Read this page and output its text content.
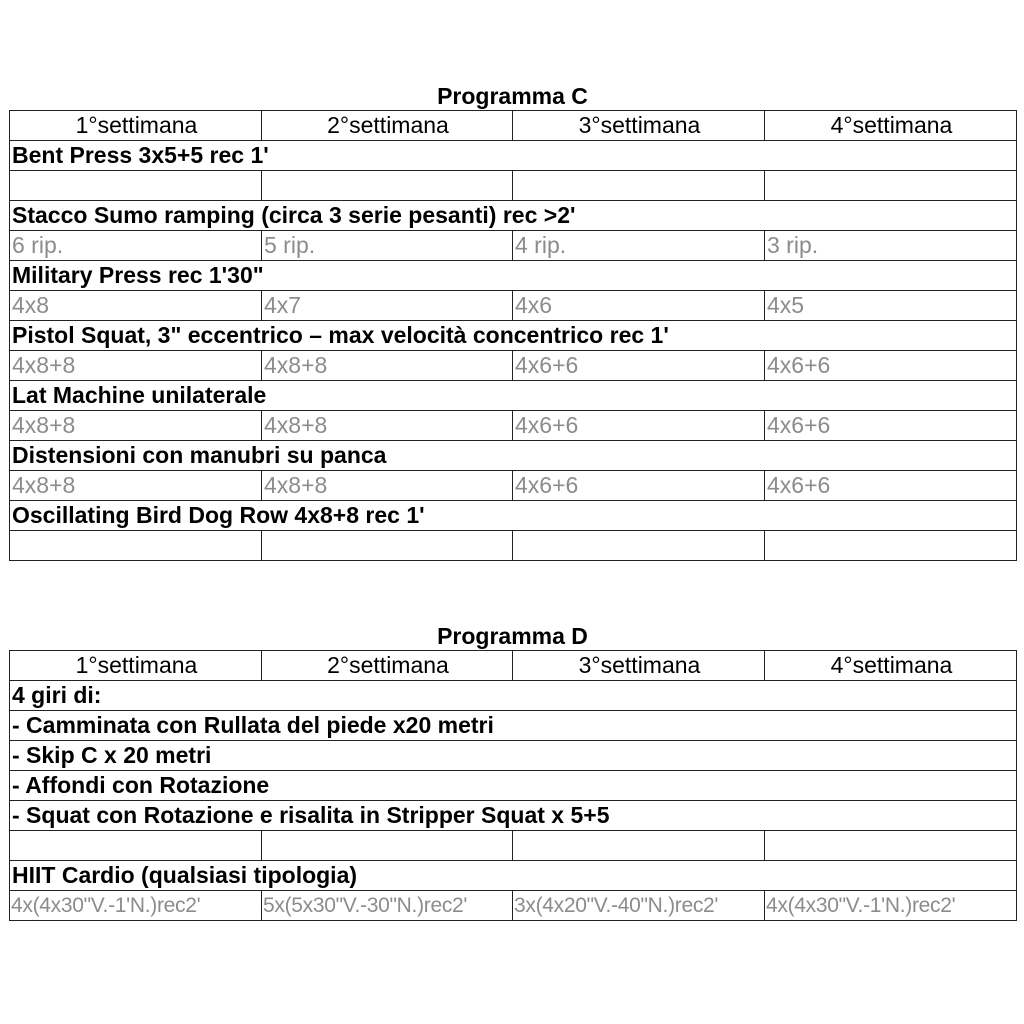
Programma C
1°settimana	2°settimana	3°settimana	4°settimana
Bent Press 3x5+5 rec 1'			

Stacco Sumo ramping (circa 3 serie pesanti) rec >2'			
6 rip.	5 rip.	4 rip.	3 rip.
Military Press rec 1'30"			
4x8	4x7	4x6	4x5
Pistol Squat, 3" eccentrico – max velocità concentrico rec 1'			
4x8+8	4x8+8	4x6+6	4x6+6
Lat Machine unilaterale			
4x8+8	4x8+8	4x6+6	4x6+6
Distensioni con manubri su panca			
4x8+8	4x8+8	4x6+6	4x6+6
Oscillating Bird Dog Row 4x8+8 rec 1'			

Programma D
1°settimana	2°settimana	3°settimana	4°settimana
4 giri di:			
- Camminata con Rullata del piede x20 metri			
- Skip C x 20 metri			
- Affondi con Rotazione			
- Squat con Rotazione e risalita in Stripper Squat x 5+5			

HIIT Cardio (qualsiasi tipologia)			
4x(4x30"V.-1'N.)rec2'	5x(5x30"V.-30"N.)rec2'	3x(4x20"V.-40"N.)rec2'	4x(4x30"V.-1'N.)rec2'
